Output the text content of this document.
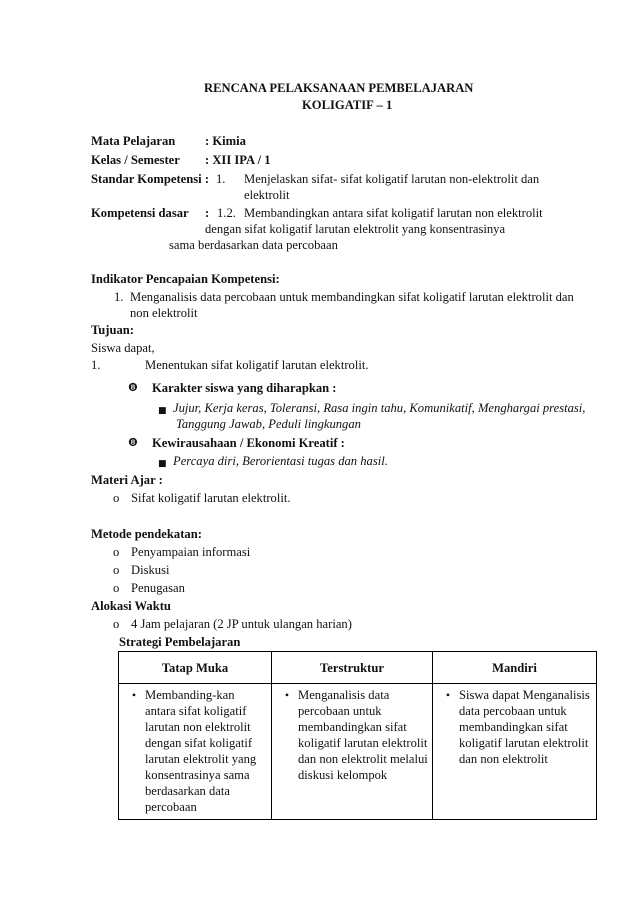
RENCANA PELAKSANAAN PEMBELAJARAN
KOLIGATIF – 1
Mata Pelajaran : Kimia
Kelas / Semester : XII IPA / 1
Standar Kompetensi : 1. Menjelaskan sifat- sifat koligatif larutan non-elektrolit dan
elektrolit
Kompetensi dasar : 1.2. Membandingkan antara sifat koligatif larutan non elektrolit
dengan sifat koligatif larutan elektrolit yang konsentrasinya
sama berdasarkan data percobaan
Indikator Pencapaian Kompetensi:
1. Menganalisis data percobaan untuk membandingkan sifat koligatif larutan elektrolit dan
non elektrolit
Tujuan:
Siswa dapat,
1.	Menentukan sifat koligatif larutan elektrolit.
❽ Karakter siswa yang diharapkan :
■ Jujur, Kerja keras, Toleransi, Rasa ingin tahu, Komunikatif, Menghargai prestasi,
Tanggung Jawab, Peduli lingkungan
❽ Kewirausahaan / Ekonomi Kreatif :
■ Percaya diri, Berorientasi tugas dan hasil.
Materi Ajar :
o Sifat koligatif larutan elektrolit.
Metode pendekatan:
o Penyampaian informasi
o Diskusi
o Penugasan
Alokasi Waktu
o 4 Jam pelajaran (2 JP untuk ulangan harian)
Strategi Pembelajaran
Tatap Muka	Terstruktur	Mandiri

• Membanding-kan antara sifat koligatif larutan non elektrolit dengan sifat koligatif larutan elektrolit yang konsentrasinya sama berdasarkan data percobaan	• Menganalisis data percobaan untuk membandingkan sifat koligatif larutan elektrolit dan non elektrolit melalui diskusi kelompok	• Siswa dapat Menganalisis data percobaan untuk membandingkan sifat koligatif larutan elektrolit dan non elektrolit
